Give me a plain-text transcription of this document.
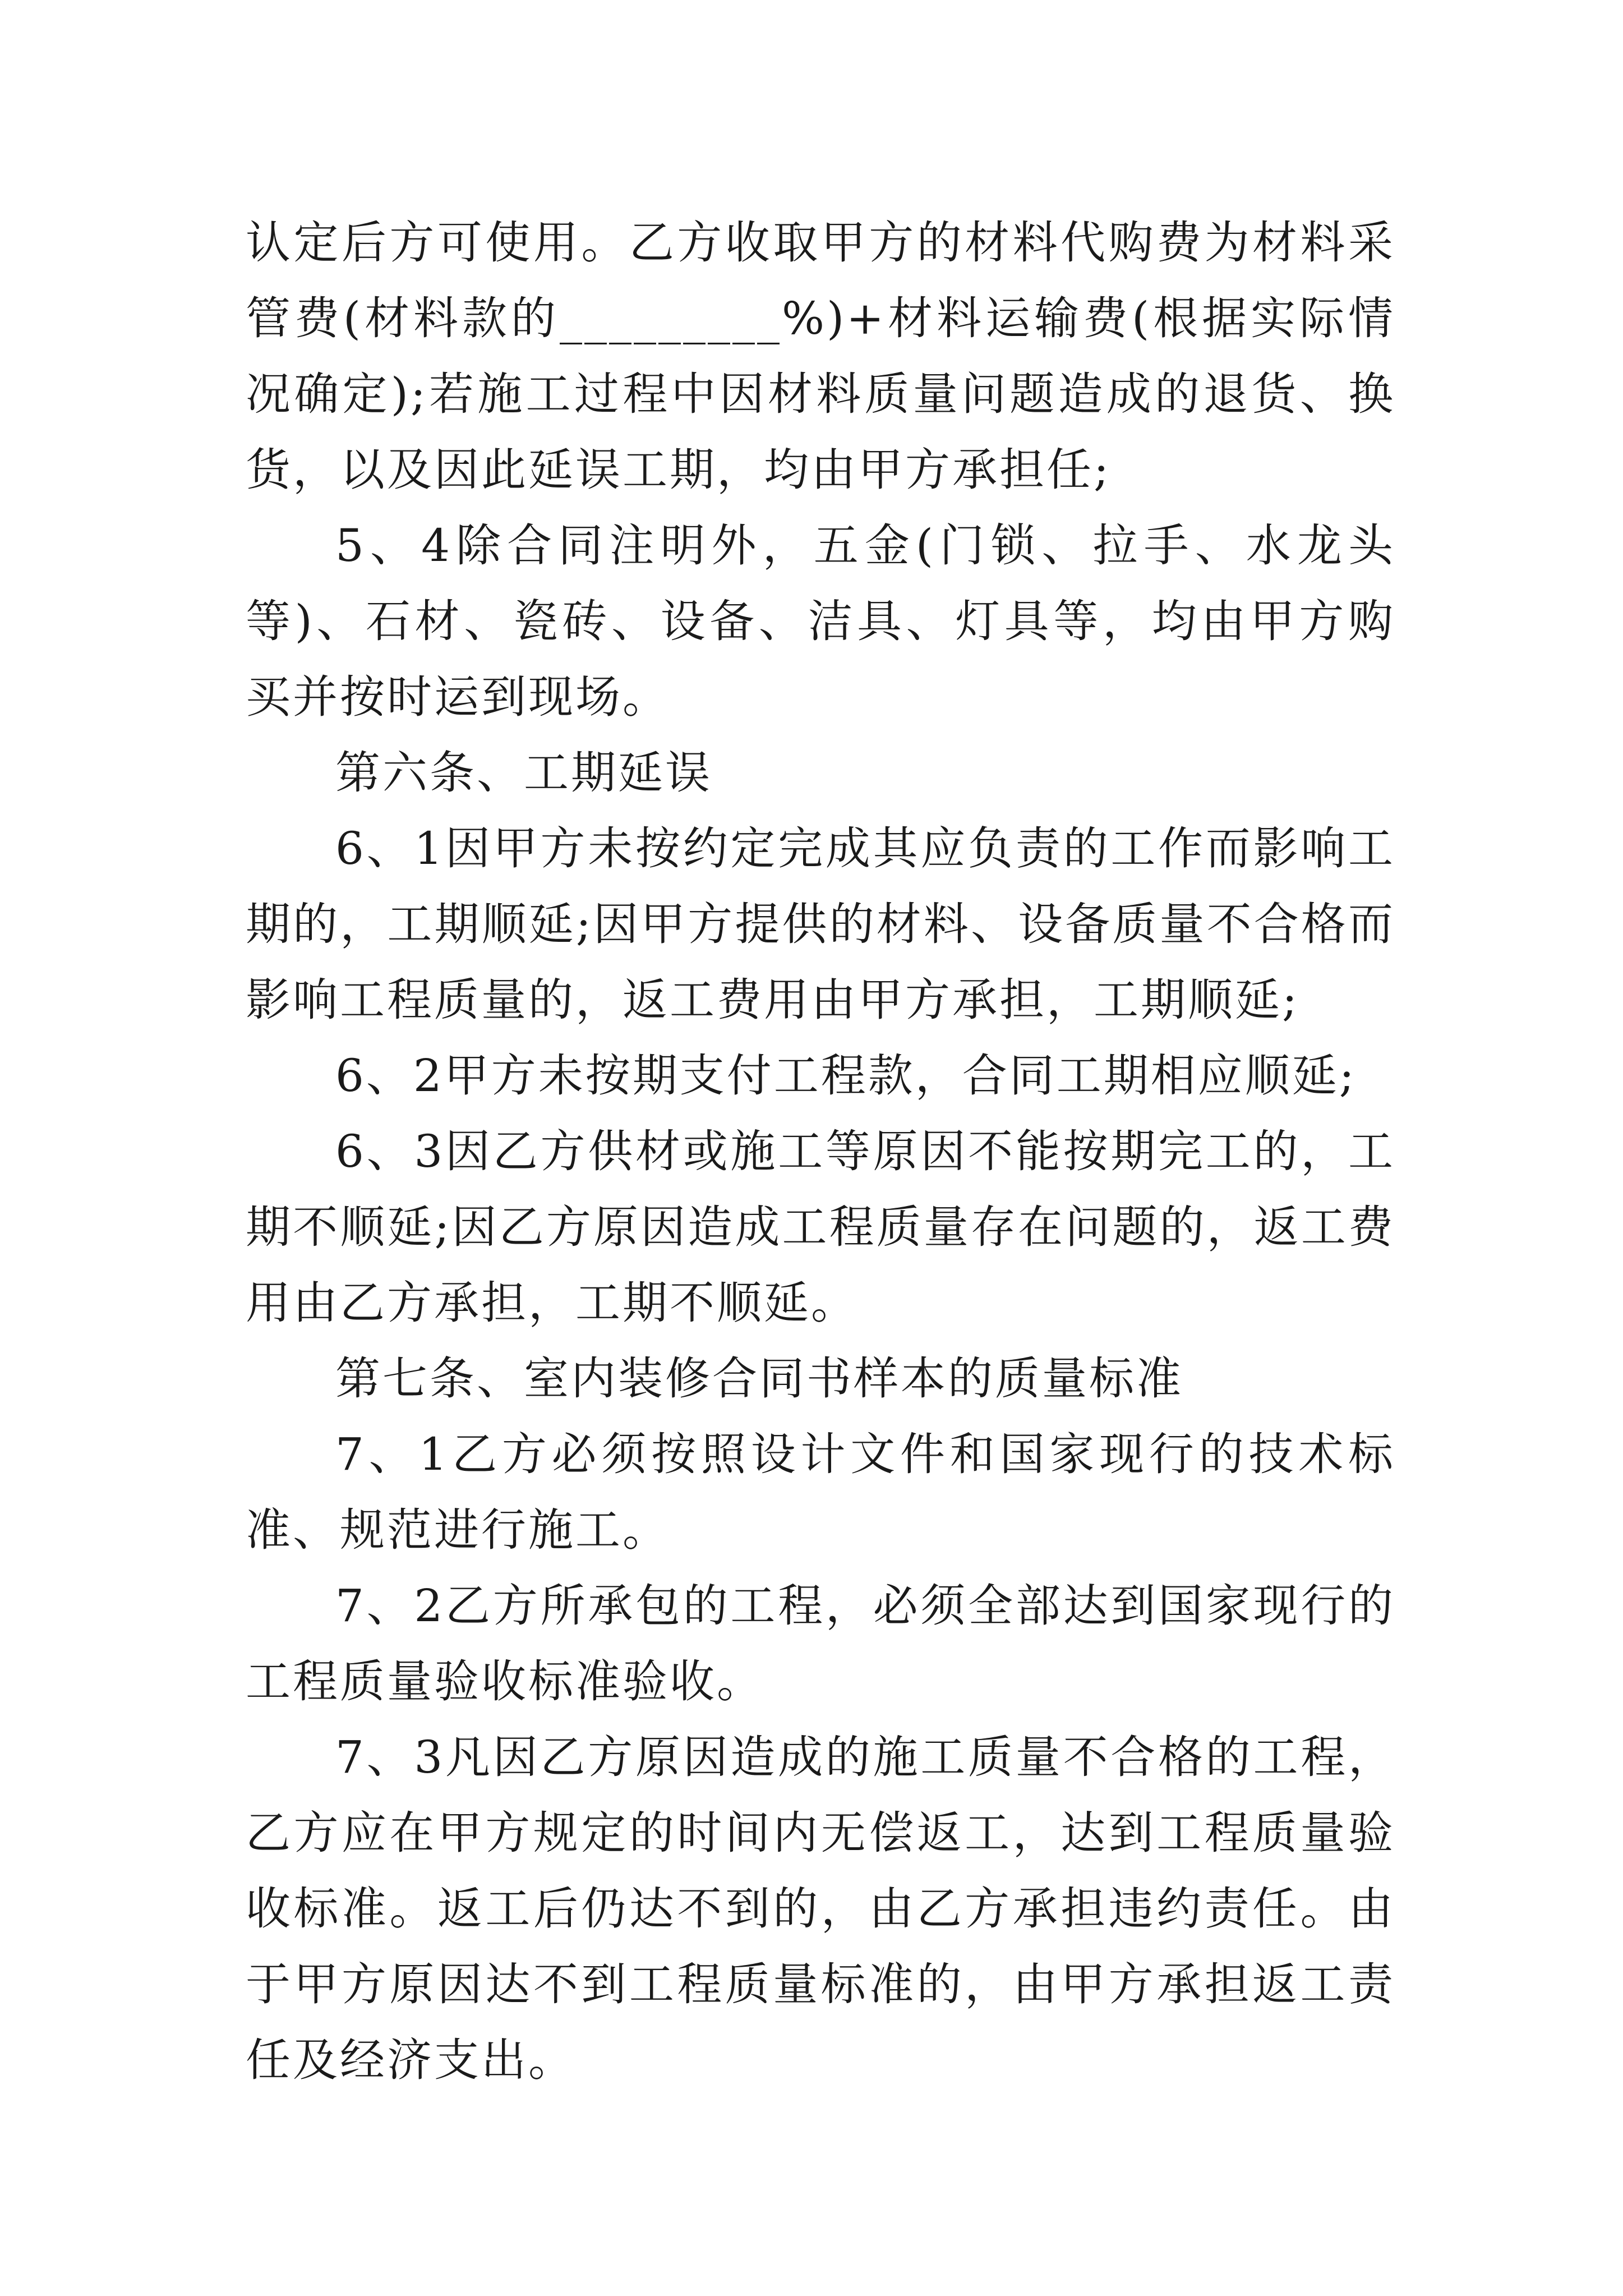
认定后方可使用。乙方收取甲方的材料代购费为材料采管费(材料款的_________%)+材料运输费(根据实际情况确定);若施工过程中因材料质量问题造成的退货、换货，以及因此延误工期，均由甲方承担任;

5、4除合同注明外，五金(门锁、拉手、水龙头等)、石材、瓷砖、设备、洁具、灯具等，均由甲方购买并按时运到现场。

第六条、工期延误

6、1因甲方未按约定完成其应负责的工作而影响工期的，工期顺延;因甲方提供的材料、设备质量不合格而影响工程质量的，返工费用由甲方承担，工期顺延;

6、2甲方未按期支付工程款，合同工期相应顺延;

6、3因乙方供材或施工等原因不能按期完工的，工期不顺延;因乙方原因造成工程质量存在问题的，返工费用由乙方承担，工期不顺延。

第七条、室内装修合同书样本的质量标准

7、1乙方必须按照设计文件和国家现行的技术标准、规范进行施工。

7、2乙方所承包的工程，必须全部达到国家现行的工程质量验收标准验收。

7、3凡因乙方原因造成的施工质量不合格的工程，乙方应在甲方规定的时间内无偿返工，达到工程质量验收标准。返工后仍达不到的，由乙方承担违约责任。由于甲方原因达不到工程质量标准的，由甲方承担返工责任及经济支出。
